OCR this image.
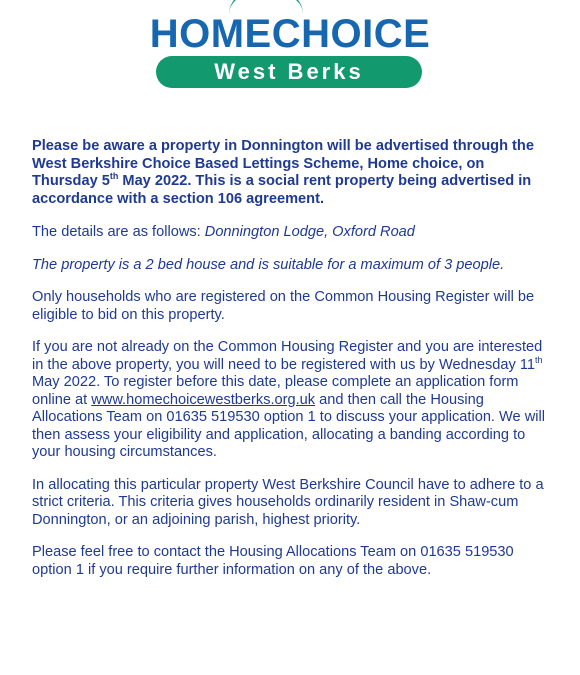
HOMECHOICE
West Berks

Please be aware a property in Donnington will be advertised through the West Berkshire Choice Based Lettings Scheme, Home choice, on Thursday 5th May 2022. This is a social rent property being advertised in accordance with a section 106 agreement.

The details are as follows: Donnington Lodge, Oxford Road

The property is a 2 bed house and is suitable for a maximum of 3 people.

Only households who are registered on the Common Housing Register will be eligible to bid on this property.

If you are not already on the Common Housing Register and you are interested in the above property, you will need to be registered with us by Wednesday 11th May 2022. To register before this date, please complete an application form online at www.homechoicewestberks.org.uk and then call the Housing Allocations Team on 01635 519530 option 1 to discuss your application. We will then assess your eligibility and application, allocating a banding according to your housing circumstances.

In allocating this particular property West Berkshire Council have to adhere to a strict criteria. This criteria gives households ordinarily resident in Shaw-cum Donnington, or an adjoining parish, highest priority.

Please feel free to contact the Housing Allocations Team on 01635 519530 option 1 if you require further information on any of the above.
